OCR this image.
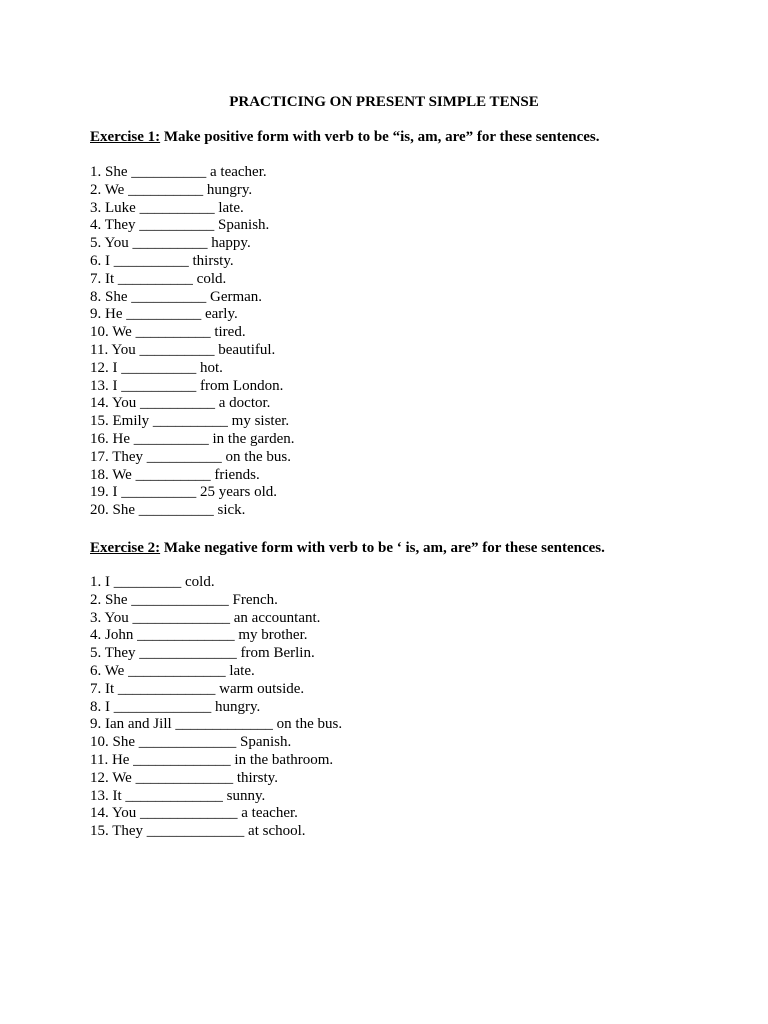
PRACTICING ON PRESENT SIMPLE TENSE
Exercise 1: Make positive form with verb to be “is, am, are” for these sentences.
1. She __________ a teacher.
2. We __________ hungry.
3. Luke __________ late.
4. They __________ Spanish.
5. You __________ happy.
6. I __________ thirsty.
7. It __________ cold.
8. She __________ German.
9. He __________ early.
10. We __________ tired.
11. You __________ beautiful.
12. I __________ hot.
13. I __________ from London.
14. You __________ a doctor.
15. Emily __________ my sister.
16. He __________ in the garden.
17. They __________ on the bus.
18. We __________ friends.
19. I __________ 25 years old.
20. She __________ sick.
Exercise 2: Make negative form with verb to be ‘ is, am, are” for these sentences.
1. I _________ cold.
2. She _____________ French.
3. You _____________ an accountant.
4. John _____________ my brother.
5. They _____________ from Berlin.
6. We _____________ late.
7. It _____________ warm outside.
8. I _____________ hungry.
9. Ian and Jill _____________ on the bus.
10. She _____________ Spanish.
11. He _____________ in the bathroom.
12. We _____________ thirsty.
13. It _____________ sunny.
14. You _____________ a teacher.
15. They _____________ at school.
